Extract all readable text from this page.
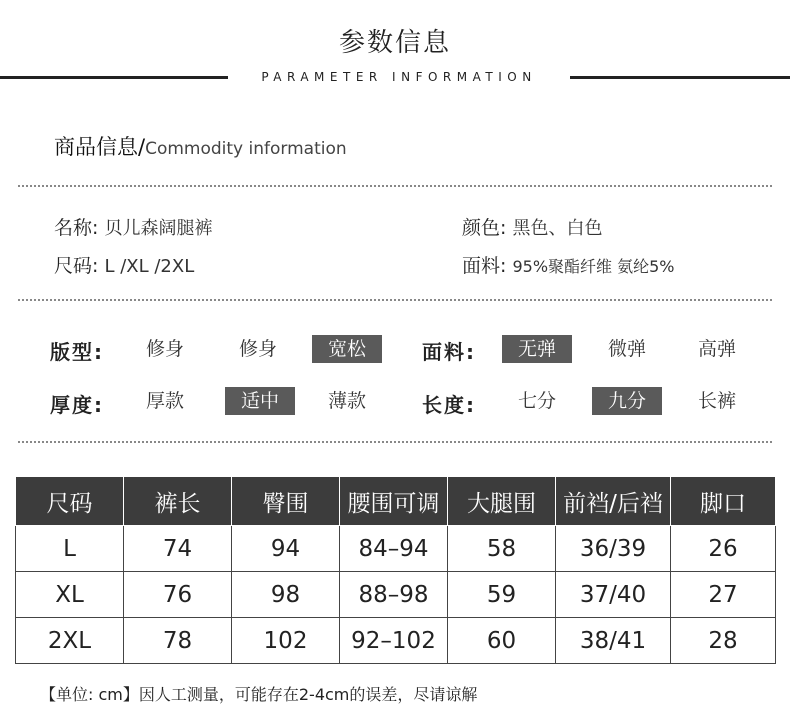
参数信息
PARAMETER INFORMATION
商品信息/Commodity information
名称: 贝儿森阔腿裤
尺码: L /XL /2XL
颜色: 黑色、白色
面料: 95%聚酯纤维 氨纶5%
版型:	修身	修身	宽松	面料:	无弹	微弹	高弹
厚度:	厚款	适中	薄款	长度:	七分	九分	长裤
尺码	裤长	臀围	腰围可调	大腿围	前裆/后裆	脚口
L	74	94	84–94	58	36/39	26
XL	76	98	88–98	59	37/40	27
2XL	78	102	92–102	60	38/41	28
【单位: cm】因人工测量，可能存在2-4cm的误差，尽请谅解
